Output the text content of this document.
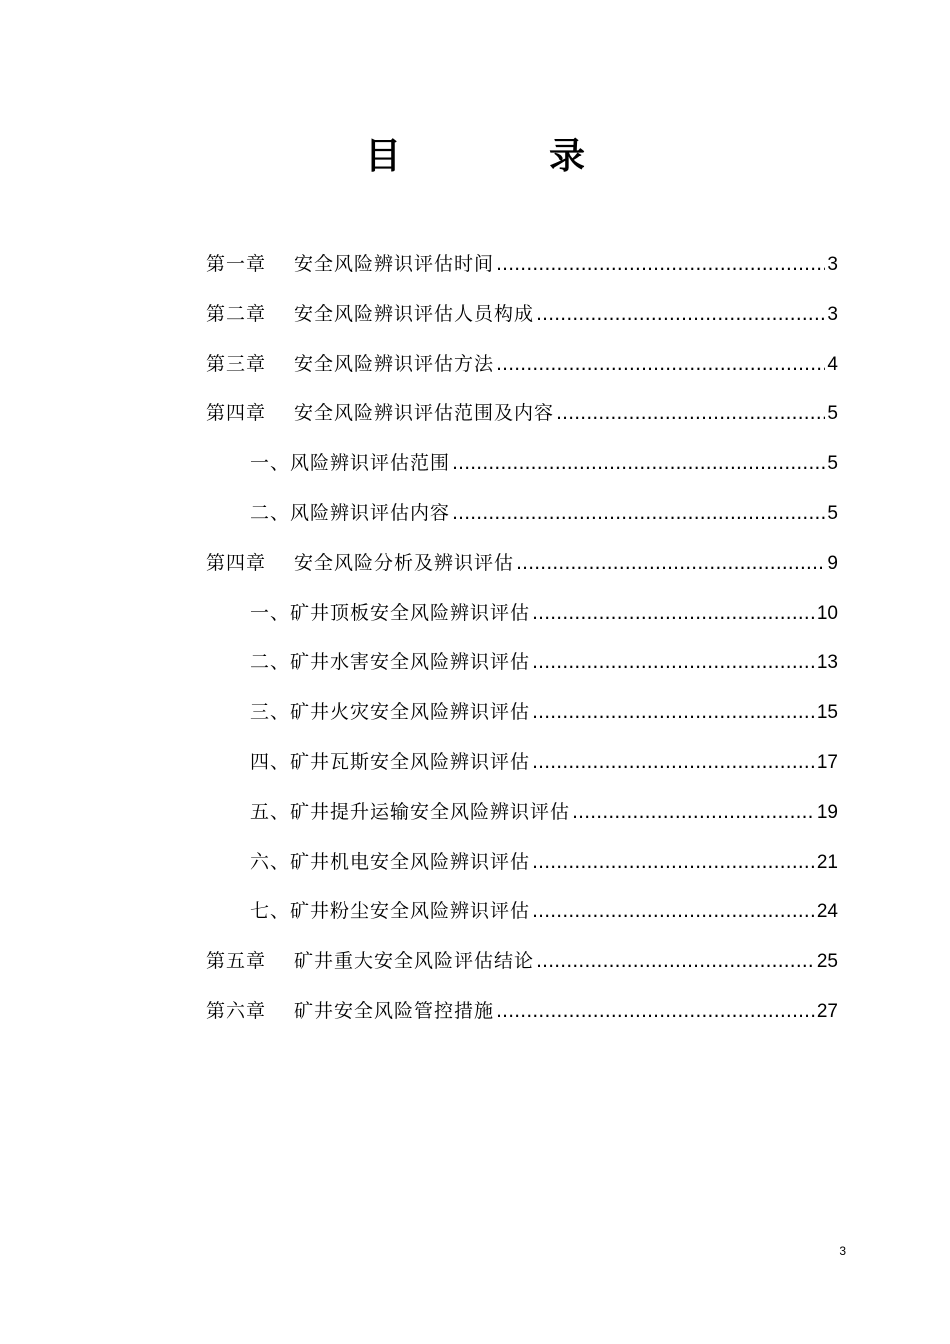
目　录
第一章	安全风险辨识评估时间 .....	3
第二章	安全风险辨识评估人员构成 .....	3
第三章	安全风险辨识评估方法 .....	4
第四章	安全风险辨识评估范围及内容 .....	5
一、风险辨识评估范围 .....	5
二、风险辨识评估内容 .....	5
第四章	安全风险分析及辨识评估 .....	9
一、矿井顶板安全风险辨识评估 .....	10
二、矿井水害安全风险辨识评估 .....	13
三、矿井火灾安全风险辨识评估 .....	15
四、矿井瓦斯安全风险辨识评估 .....	17
五、矿井提升运输安全风险辨识评估 .....	19
六、矿井机电安全风险辨识评估 .....	21
七、矿井粉尘安全风险辨识评估 .....	24
第五章	矿井重大安全风险评估结论 .....	25
第六章	矿井安全风险管控措施 .....	27
3
